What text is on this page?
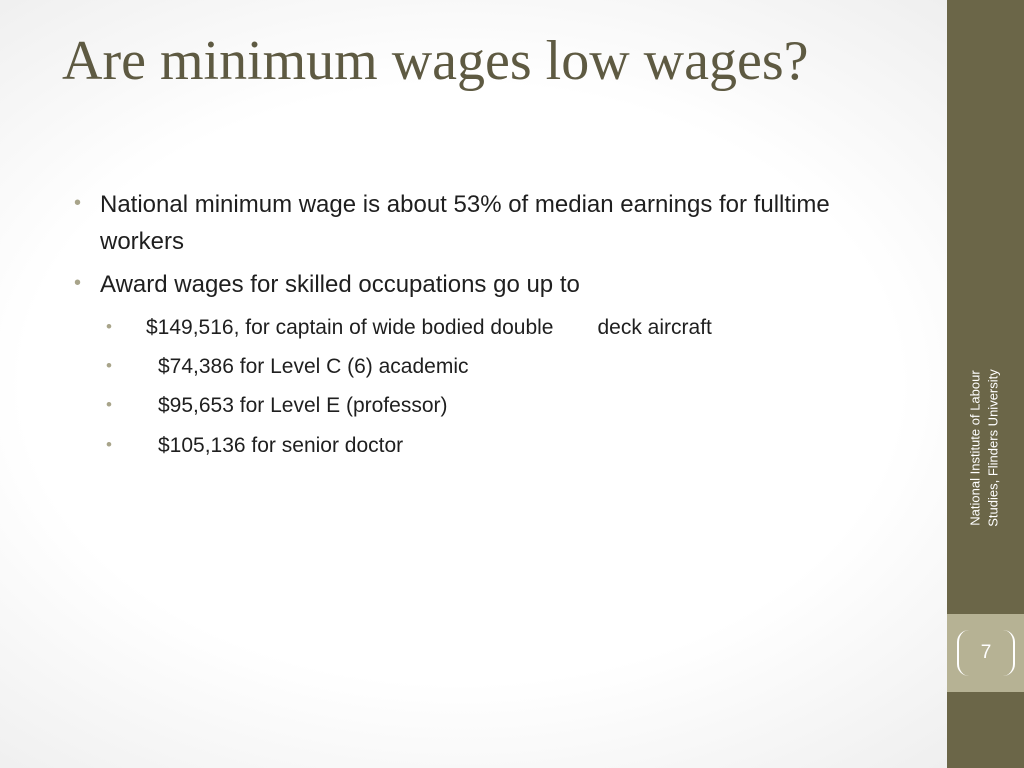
Are minimum wages low wages?
• National minimum wage is about 53% of median earnings for fulltime workers
• Award wages for skilled occupations go up to
• $149,516, for captain of wide bodied double deck aircraft
• $74,386 for Level C (6) academic
• $95,653 for Level E (professor)
• $105,136 for senior doctor	National Institute of Labour Studies, Flinders University
7
